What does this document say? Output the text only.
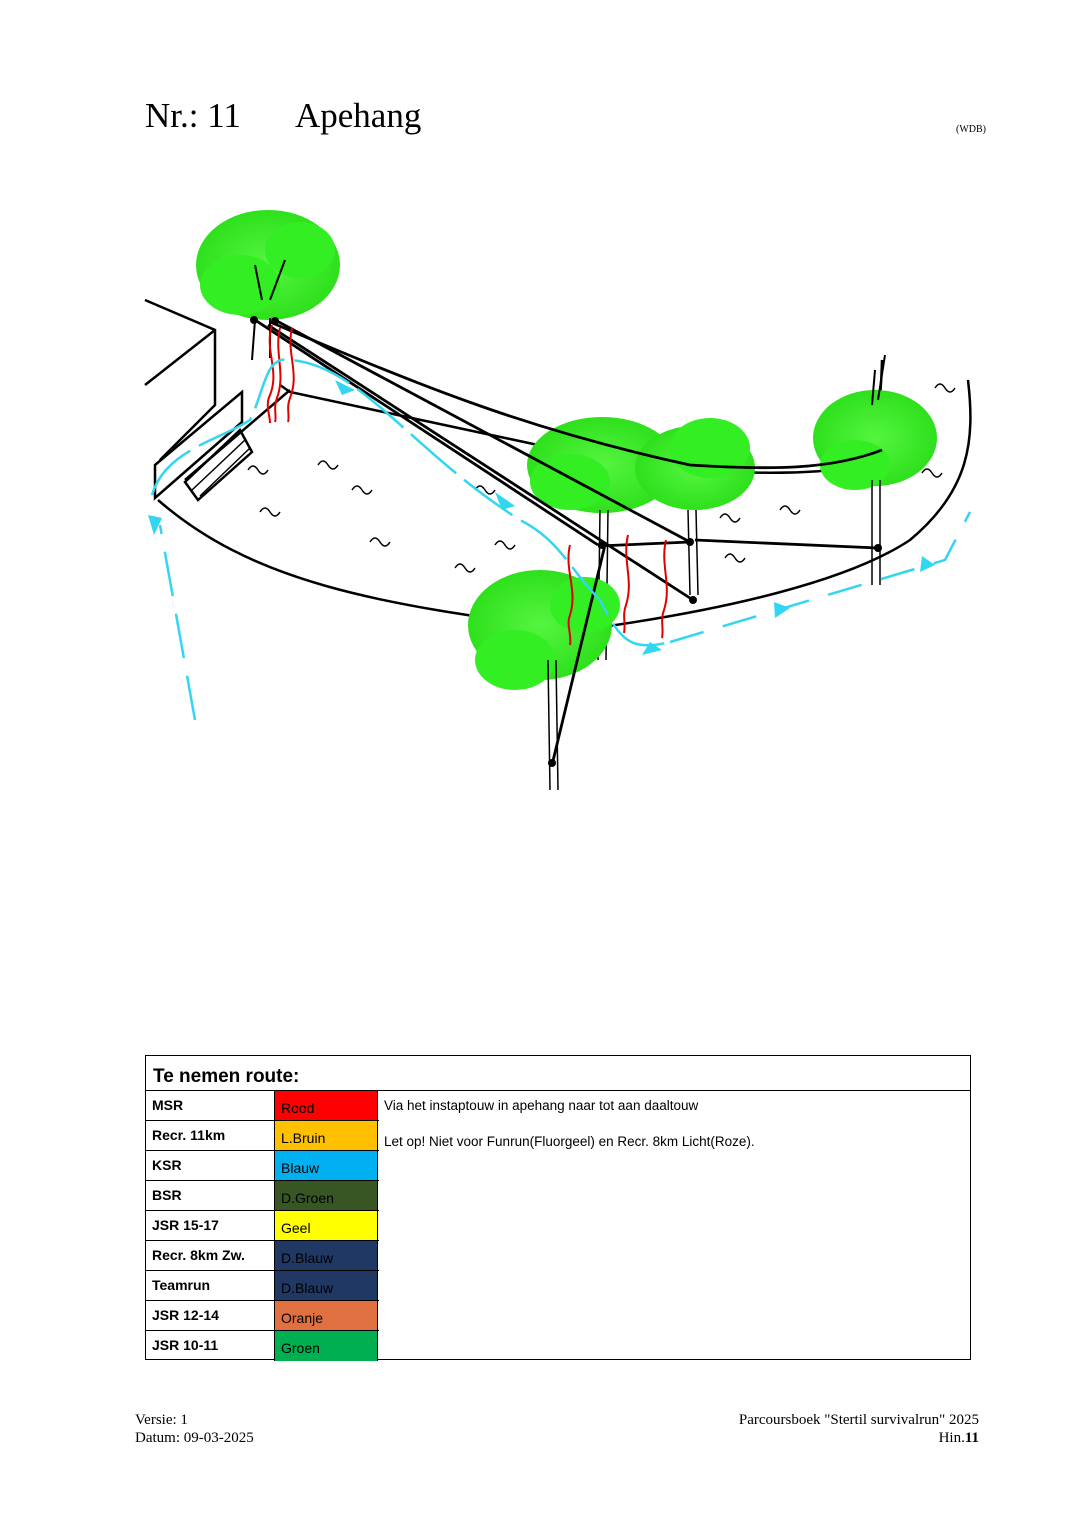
Nr.: 11 Apehang	(WDB)
Te nemen route:
MSR	Rood
Recr. 11km	L.Bruin
KSR	Blauw
BSR	D.Groen
JSR 15-17	Geel
Recr. 8km Zw.	D.Blauw
Teamrun	D.Blauw
JSR 12-14	Oranje
JSR 10-11	Groen
Via het instaptouw in apehang naar tot aan daaltouw
Let op! Niet voor Funrun(Fluorgeel) en Recr. 8km Licht(Roze).
Versie: 1
Datum: 09-03-2025
Parcoursboek "Stertil survivalrun" 2025
Hin.11
